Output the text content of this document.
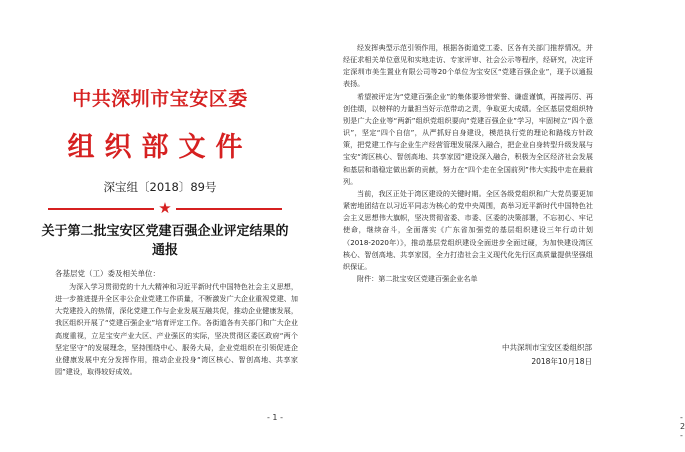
中共深圳市宝安区委
组织部文件
深宝组〔2018〕89号
★
关于第二批宝安区党建百强企业评定结果的通报
各基层党（工）委及相关单位：

为深入学习贯彻党的十九大精神和习近平新时代中国特色社会主义思想，进一步推进提升全区非公企业党建工作质量，不断激发广大企业重视党建、加大党建投入的热情，深化党建工作与企业发展互融共促，推动企业健康发展，我区组织开展了“党建百强企业”培育评定工作。各街道各有关部门和广大企业高度重视，立足宝安产业大区、产业强区的实际，坚决贯彻区委区政府“两个坚定坚守”的发展理念，坚持围绕中心、服务大局，企业党组织在引领促进企业健康发展中充分发挥作用，推动企业投身“湾区核心、智创高地、共享家园”建设，取得较好成效。

- 1 -

经发挥典型示范引领作用，根据各街道党工委、区各有关部门推荐情况，并经征求相关单位意见和实地走访、专家评审、社会公示等程序，经研究，决定评定深圳市美生置业有限公司等20个单位为宝安区“党建百强企业”，现予以通报表扬。

希望被评定为“党建百强企业”的集体要珍惜荣誉、谦虚谨慎，再接再厉、再创佳绩，以榜样的力量担当好示范带动之责，争取更大成绩。全区基层党组织特别是广大企业等“两新”组织党组织要向“党建百强企业”学习，牢固树立“四个意识”，坚定“四个自信”，从严抓好自身建设，模范执行党的理论和路线方针政策，把党建工作与企业生产经营管理发展深入融合，把企业自身转型升级发展与宝安“湾区核心、智创高地、共享家园”建设深入融合，积极为全区经济社会发展和基层和谐稳定做出新的贡献，努力在“四个走在全国前列”伟大实践中走在最前列。

当前，我区正处于湾区建设的关键时期。全区各级党组织和广大党员要更加紧密地团结在以习近平同志为核心的党中央周围，高举习近平新时代中国特色社会主义思想伟大旗帜，坚决贯彻省委、市委、区委的决策部署，不忘初心、牢记使命，继续奋斗，全面落实《广东省加强党的基层组织建设三年行动计划（2018-2020年）》，推动基层党组织建设全面进步全面过硬，为加快建设湾区核心、智创高地、共享家园，全力打造社会主义现代化先行区高质量提供坚强组织保证。

附件：第二批宝安区党建百强企业名单

中共深圳市宝安区委组织部
2018年10月18日
- 2 -
